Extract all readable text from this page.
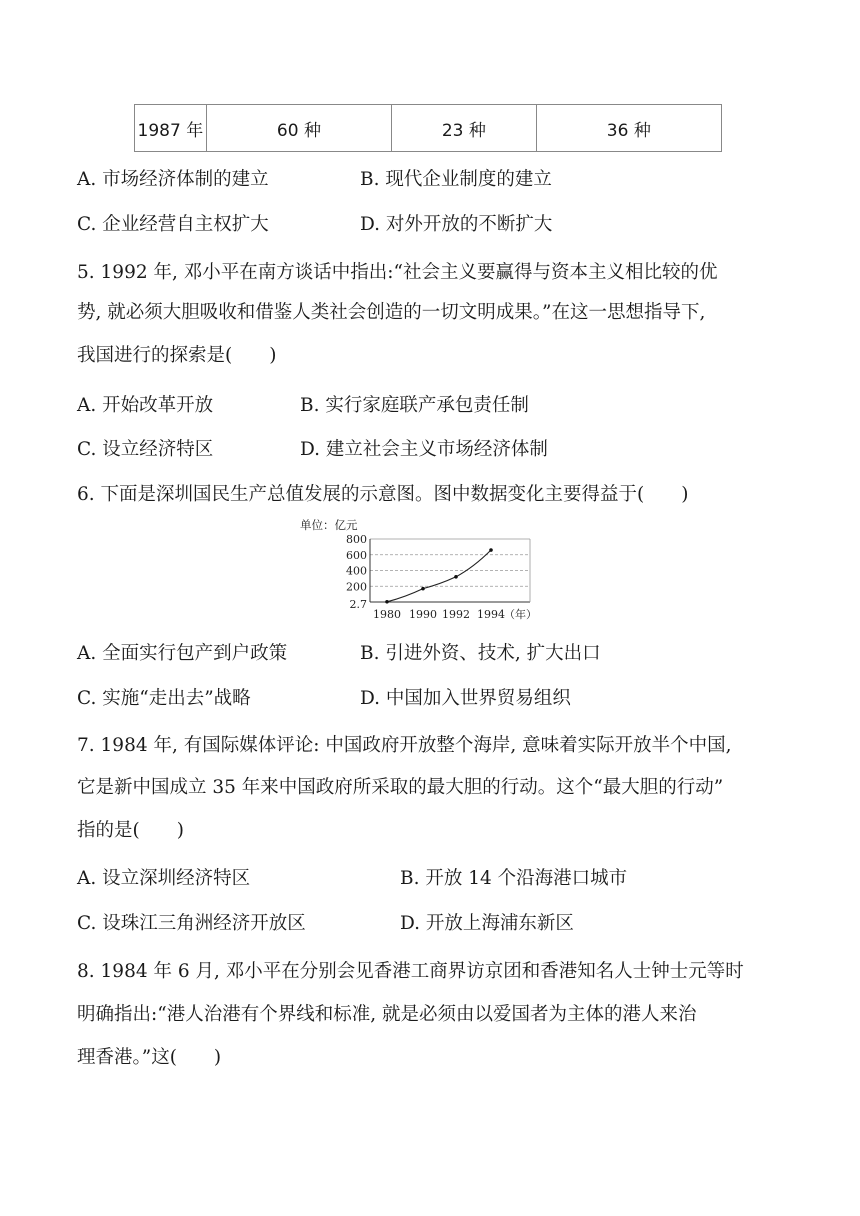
1987 年	60 种	23 种	36 种
A. 市场经济体制的建立	B. 现代企业制度的建立
C. 企业经营自主权扩大	D. 对外开放的不断扩大
5. 1992 年, 邓小平在南方谈话中指出:“社会主义要赢得与资本主义相比较的优
势, 就必须大胆吸收和借鉴人类社会创造的一切文明成果。”在这一思想指导下,
我国进行的探索是(　　)
A. 开始改革开放	B. 实行家庭联产承包责任制
C. 设立经济特区	D. 建立社会主义市场经济体制
6. 下面是深圳国民生产总值发展的示意图。图中数据变化主要得益于(　　)
单位：亿元
800
600
400
200
2.7
1980 1990 1992 1994 （年）
A. 全面实行包产到户政策	B. 引进外资、技术, 扩大出口
C. 实施“走出去”战略	D. 中国加入世界贸易组织
7. 1984 年, 有国际媒体评论: 中国政府开放整个海岸, 意味着实际开放半个中国,
它是新中国成立 35 年来中国政府所采取的最大胆的行动。这个“最大胆的行动”
指的是(　　)
A. 设立深圳经济特区	B. 开放 14 个沿海港口城市
C. 设珠江三角洲经济开放区	D. 开放上海浦东新区
8. 1984 年 6 月, 邓小平在分别会见香港工商界访京团和香港知名人士钟士元等时
明确指出:“港人治港有个界线和标准, 就是必须由以爱国者为主体的港人来治
理香港。”这(　　)
